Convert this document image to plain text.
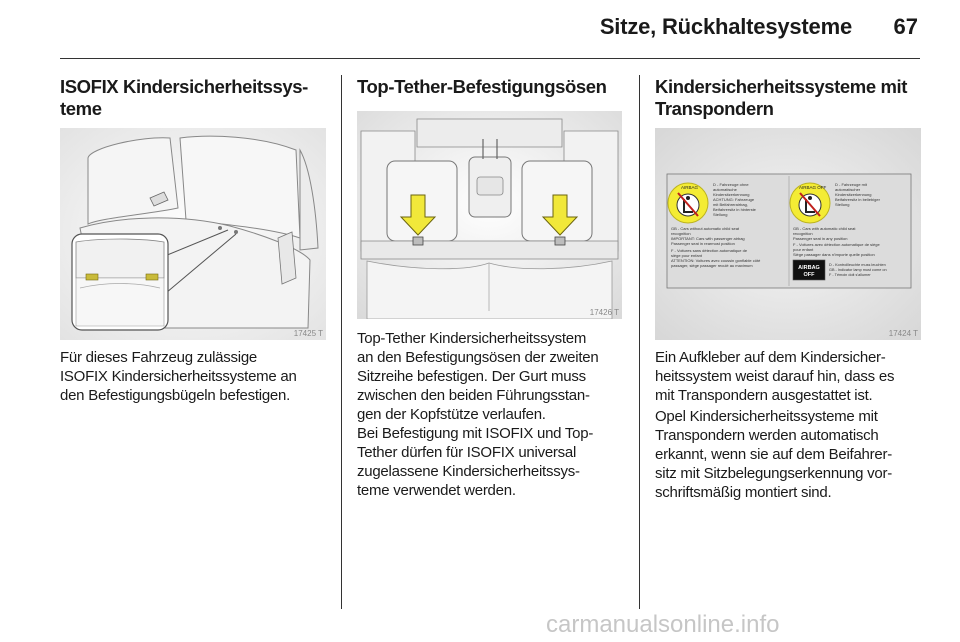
Sitze, Rückhaltesysteme 67
ISOFIX Kindersicherheitssys-
teme
17425 T
Für dieses Fahrzeug zulässige
ISOFIX Kindersicherheitssysteme an
den Befestigungsbügeln befestigen.
Top-Tether-Befestigungsösen
17426 T
Top-Tether Kindersicherheitssystem
an den Befestigungsösen der zweiten
Sitzreihe befestigen. Der Gurt muss
zwischen den beiden Führungsstan-
gen der Kopfstütze verlaufen.
Bei Befestigung mit ISOFIX und Top-
Tether dürfen für ISOFIX universal
zugelassene Kindersicherheitssys-
teme verwendet werden.
Kindersicherheitssysteme mit
Transpondern
AIRBAG	AIRBAG OFF
D - Fahrzeuge ohne
automatische
Kindersitzerkennung
ACHTUNG: Fahrzeuge
mit Beifahrerairbag,
Beifahrersitz in hinterste
Stellung
D - Fahrzeuge mit
automatischer
Kindersitzerkennung
Beifahrersitz in beliebiger
Stellung
GB - Cars without automatic child seat
recognition
IMPORTANT: Cars with passenger airbag
Passenger seat in rearmost position
F - Voitures sans détection automatique de
siège pour enfant
ATTENTION: Voitures avec coussin gonflable côté
passager, siège passager reculé au maximum
GB - Cars with automatic child seat
recognition
Passenger seat in any position
F - Voitures avec détection automatique de siège
pour enfant
Siège passager dans n'importe quelle position
AIRBAG
OFF
D - Kontrollleuchte muss leuchten
GB - Indicator lamp must come on
F - Témoin doit s'allumer
17424 T
Ein Aufkleber auf dem Kindersicher-
heitssystem weist darauf hin, dass es
mit Transpondern ausgestattet ist.
Opel Kindersicherheitssysteme mit
Transpondern werden automatisch
erkannt, wenn sie auf dem Beifahrer-
sitz mit Sitzbelegungserkennung vor-
schriftsmäßig montiert sind.
carmanualsonline.info
